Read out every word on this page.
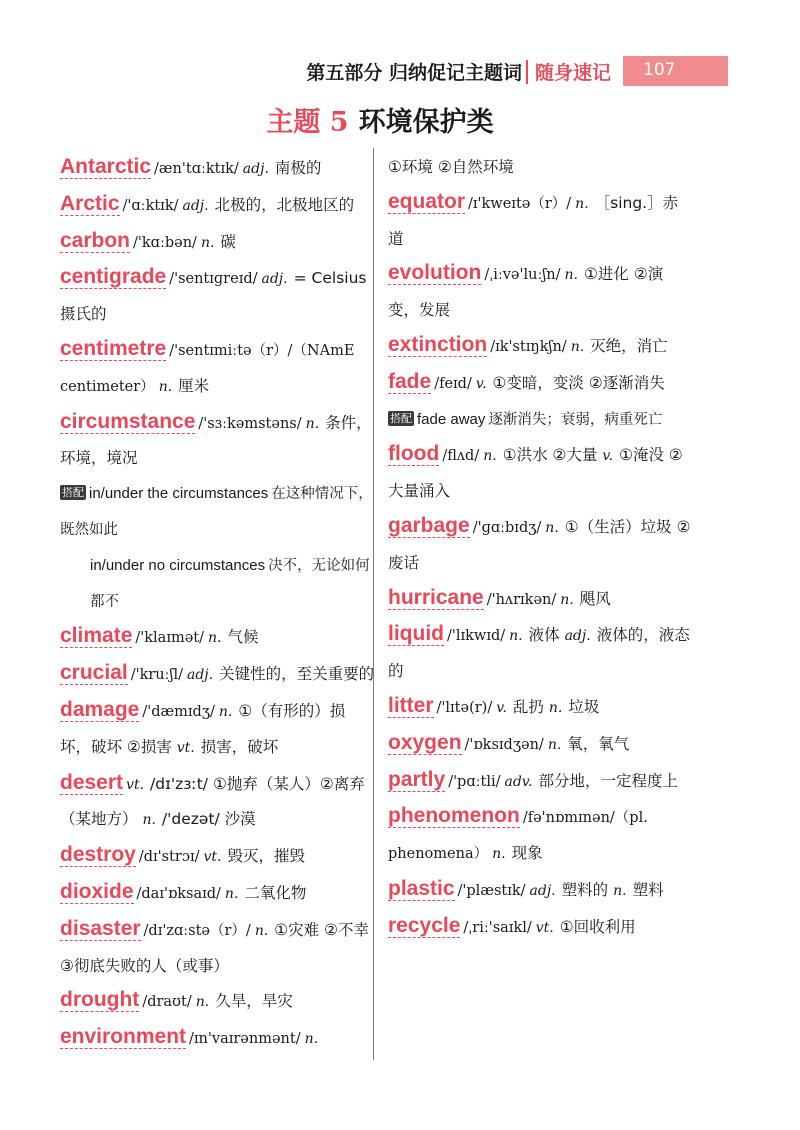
第五部分 归纳促记主题词 随身速记 107
主题 5 环境保护类
Antarctic /æn'tɑːktɪk/ adj. 南极的
Arctic /'ɑːktɪk/ adj. 北极的，北极地区的
carbon /'kɑːbən/ n. 碳
centigrade /'sentɪɡreɪd/ adj. = Celsius 摄氏的
centimetre /'sentɪmiːtə（r）/（NAmE centimeter） n. 厘米
circumstance /'sɜːkəmstəns/ n. 条件，环境，境况
搭配 in/under the circumstances 在这种情况下，既然如此
in/under no circumstances 决不，无论如何都不
climate /'klaɪmət/ n. 气候
crucial /'kruːʃl/ adj. 关键性的，至关重要的
damage /'dæmɪdʒ/ n. ①（有形的）损坏，破坏 ②损害 vt. 损害，破坏
desert vt. /dɪ'zɜːt/ ①抛弃（某人）②离弃（某地方） n. /'dezət/ 沙漠
destroy /dɪ'strɔɪ/ vt. 毁灭，摧毁
dioxide /daɪ'ɒksaɪd/ n. 二氧化物
disaster /dɪ'zɑːstə（r）/ n. ①灾难 ②不幸 ③彻底失败的人（或事）
drought /draʊt/ n. 久旱，旱灾
environment /ɪn'vaɪrənmənt/ n.
①环境 ②自然环境
equator /ɪ'kweɪtə（r）/ n. ［sing.］赤道
evolution /ˌiːvə'luːʃn/ n. ①进化 ②演变，发展
extinction /ɪk'stɪŋkʃn/ n. 灭绝，消亡
fade /feɪd/ v. ①变暗，变淡 ②逐渐消失
搭配 fade away 逐渐消失；衰弱，病重死亡
flood /flʌd/ n. ①洪水 ②大量 v. ①淹没 ②大量涌入
garbage /'ɡɑːbɪdʒ/ n. ①（生活）垃圾 ②废话
hurricane /'hʌrɪkən/ n. 飓风
liquid /'lɪkwɪd/ n. 液体 adj. 液体的，液态的
litter /'lɪtə(r)/ v. 乱扔 n. 垃圾
oxygen /'ɒksɪdʒən/ n. 氧，氧气
partly /'pɑːtli/ adv. 部分地，一定程度上
phenomenon /fə'nɒmɪnən/（pl. phenomena） n. 现象
plastic /'plæstɪk/ adj. 塑料的 n. 塑料
recycle /ˌriː'saɪkl/ vt. ①回收利用
